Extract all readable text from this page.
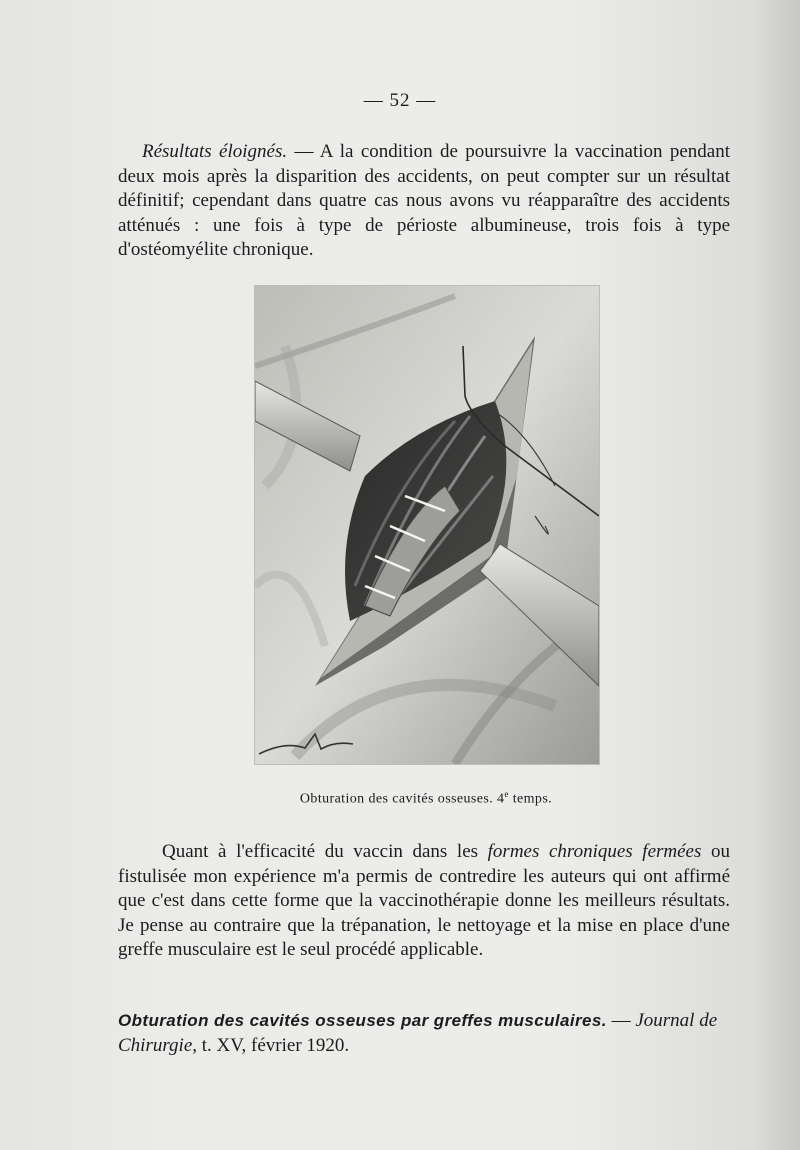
— 52 —

Résultats éloignés. — A la condition de poursuivre la vaccination pendant deux mois après la disparition des accidents, on peut compter sur un résultat définitif; cependant dans quatre cas nous avons vu réapparaître des accidents atténués : une fois à type de périoste albumineuse, trois fois à type d'ostéomyélite chronique.

Obturation des cavités osseuses. 4e temps.

Quant à l'efficacité du vaccin dans les formes chroniques fermées ou fistulisée mon expérience m'a permis de contredire les auteurs qui ont affirmé que c'est dans cette forme que la vaccinothérapie donne les meilleurs résultats. Je pense au contraire que la trépanation, le nettoyage et la mise en place d'une greffe musculaire est le seul procédé applicable.

Obturation des cavités osseuses par greffes musculaires. — Journal de Chirurgie, t. XV, février 1920.
